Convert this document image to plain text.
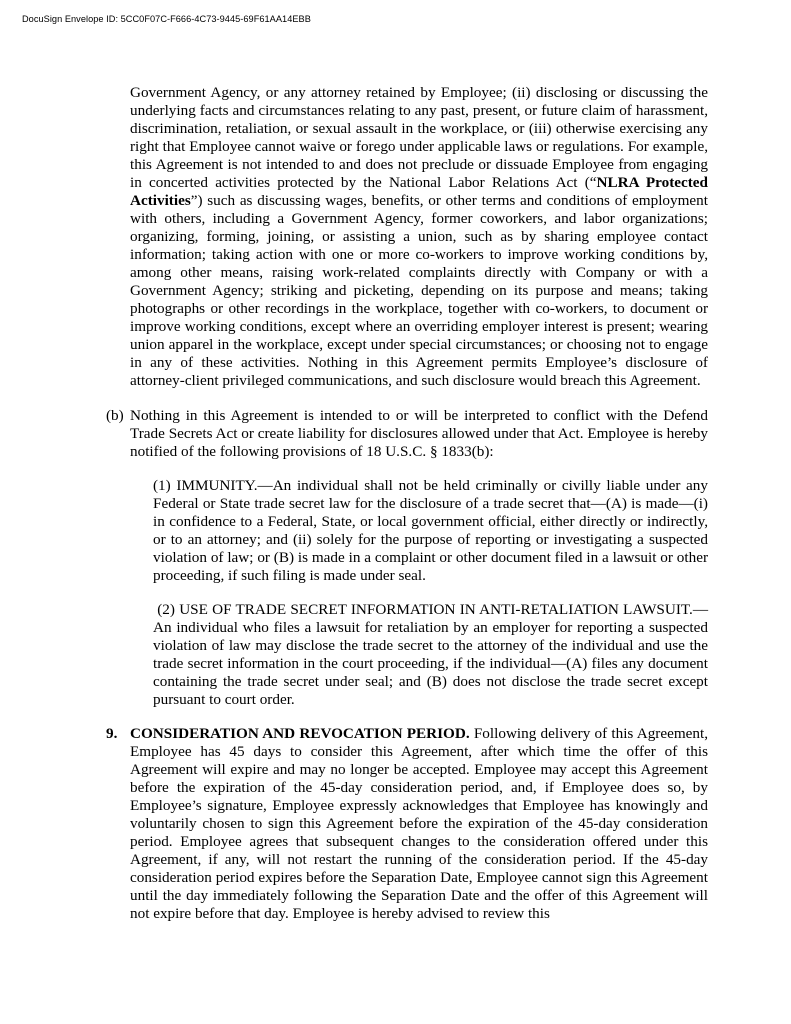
DocuSign Envelope ID: 5CC0F07C-F666-4C73-9445-69F61AA14EBB

Government Agency, or any attorney retained by Employee; (ii) disclosing or discussing the underlying facts and circumstances relating to any past, present, or future claim of harassment, discrimination, retaliation, or sexual assault in the workplace, or (iii) otherwise exercising any right that Employee cannot waive or forego under applicable laws or regulations. For example, this Agreement is not intended to and does not preclude or dissuade Employee from engaging in concerted activities protected by the National Labor Relations Act (“NLRA Protected Activities”) such as discussing wages, benefits, or other terms and conditions of employment with others, including a Government Agency, former coworkers, and labor organizations; organizing, forming, joining, or assisting a union, such as by sharing employee contact information; taking action with one or more co-workers to improve working conditions by, among other means, raising work-related complaints directly with Company or with a Government Agency; striking and picketing, depending on its purpose and means; taking photographs or other recordings in the workplace, together with co-workers, to document or improve working conditions, except where an overriding employer interest is present; wearing union apparel in the workplace, except under special circumstances; or choosing not to engage in any of these activities. Nothing in this Agreement permits Employee’s disclosure of attorney-client privileged communications, and such disclosure would breach this Agreement.

(b) Nothing in this Agreement is intended to or will be interpreted to conflict with the Defend Trade Secrets Act or create liability for disclosures allowed under that Act. Employee is hereby notified of the following provisions of 18 U.S.C. § 1833(b):

(1) IMMUNITY.—An individual shall not be held criminally or civilly liable under any Federal or State trade secret law for the disclosure of a trade secret that—(A) is made—(i) in confidence to a Federal, State, or local government official, either directly or indirectly, or to an attorney; and (ii) solely for the purpose of reporting or investigating a suspected violation of law; or (B) is made in a complaint or other document filed in a lawsuit or other proceeding, if such filing is made under seal.

(2) USE OF TRADE SECRET INFORMATION IN ANTI-RETALIATION LAWSUIT.—An individual who files a lawsuit for retaliation by an employer for reporting a suspected violation of law may disclose the trade secret to the attorney of the individual and use the trade secret information in the court proceeding, if the individual—(A) files any document containing the trade secret under seal; and (B) does not disclose the trade secret except pursuant to court order.

9. CONSIDERATION AND REVOCATION PERIOD. Following delivery of this Agreement, Employee has 45 days to consider this Agreement, after which time the offer of this Agreement will expire and may no longer be accepted. Employee may accept this Agreement before the expiration of the 45-day consideration period, and, if Employee does so, by Employee’s signature, Employee expressly acknowledges that Employee has knowingly and voluntarily chosen to sign this Agreement before the expiration of the 45-day consideration period. Employee agrees that subsequent changes to the consideration offered under this Agreement, if any, will not restart the running of the consideration period. If the 45-day consideration period expires before the Separation Date, Employee cannot sign this Agreement until the day immediately following the Separation Date and the offer of this Agreement will not expire before that day. Employee is hereby advised to review this
